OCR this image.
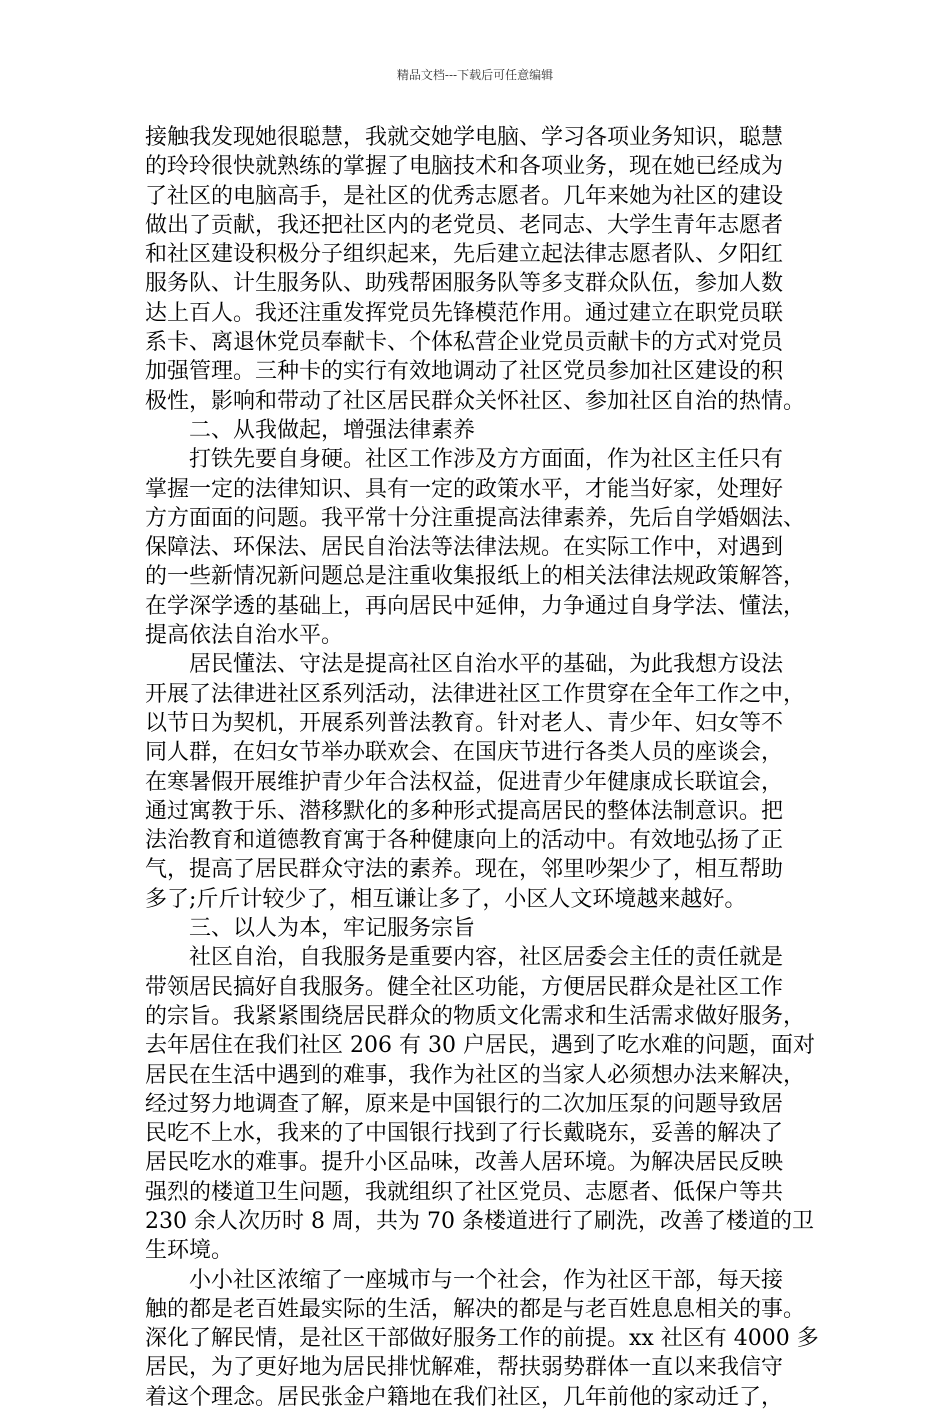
精品文档---下载后可任意编辑
接触我发现她很聪慧，我就交她学电脑、学习各项业务知识，聪慧
的玲玲很快就熟练的掌握了电脑技术和各项业务，现在她已经成为
了社区的电脑高手，是社区的优秀志愿者。几年来她为社区的建设
做出了贡献，我还把社区内的老党员、老同志、大学生青年志愿者
和社区建设积极分子组织起来，先后建立起法律志愿者队、夕阳红
服务队、计生服务队、助残帮困服务队等多支群众队伍，参加人数
达上百人。我还注重发挥党员先锋模范作用。通过建立在职党员联
系卡、离退休党员奉献卡、个体私营企业党员贡献卡的方式对党员
加强管理。三种卡的实行有效地调动了社区党员参加社区建设的积
极性，影响和带动了社区居民群众关怀社区、参加社区自治的热情。
二、从我做起，增强法律素养
打铁先要自身硬。社区工作涉及方方面面，作为社区主任只有
掌握一定的法律知识、具有一定的政策水平，才能当好家，处理好
方方面面的问题。我平常十分注重提高法律素养，先后自学婚姻法、
保障法、环保法、居民自治法等法律法规。在实际工作中，对遇到
的一些新情况新问题总是注重收集报纸上的相关法律法规政策解答，
在学深学透的基础上，再向居民中延伸，力争通过自身学法、懂法，
提高依法自治水平。
居民懂法、守法是提高社区自治水平的基础，为此我想方设法
开展了法律进社区系列活动，法律进社区工作贯穿在全年工作之中，
以节日为契机，开展系列普法教育。针对老人、青少年、妇女等不
同人群，在妇女节举办联欢会、在国庆节进行各类人员的座谈会，
在寒暑假开展维护青少年合法权益，促进青少年健康成长联谊会，
通过寓教于乐、潜移默化的多种形式提高居民的整体法制意识。把
法治教育和道德教育寓于各种健康向上的活动中。有效地弘扬了正
气，提高了居民群众守法的素养。现在，邻里吵架少了，相互帮助
多了;斤斤计较少了，相互谦让多了，小区人文环境越来越好。
三、以人为本，牢记服务宗旨
社区自治，自我服务是重要内容，社区居委会主任的责任就是
带领居民搞好自我服务。健全社区功能，方便居民群众是社区工作
的宗旨。我紧紧围绕居民群众的物质文化需求和生活需求做好服务，
去年居住在我们社区 206 有 30 户居民，遇到了吃水难的问题，面对
居民在生活中遇到的难事，我作为社区的当家人必须想办法来解决，
经过努力地调查了解，原来是中国银行的二次加压泵的问题导致居
民吃不上水，我来的了中国银行找到了行长戴晓东，妥善的解决了
居民吃水的难事。提升小区品味，改善人居环境。为解决居民反映
强烈的楼道卫生问题，我就组织了社区党员、志愿者、低保户等共
230 余人次历时 8 周，共为 70 条楼道进行了刷洗，改善了楼道的卫
生环境。
小小社区浓缩了一座城市与一个社会，作为社区干部，每天接
触的都是老百姓最实际的生活，解决的都是与老百姓息息相关的事。
深化了解民情，是社区干部做好服务工作的前提。xx 社区有 4000 多
居民，为了更好地为居民排忧解难，帮扶弱势群体一直以来我信守
着这个理念。居民张金户籍地在我们社区，几年前他的家动迁了，
